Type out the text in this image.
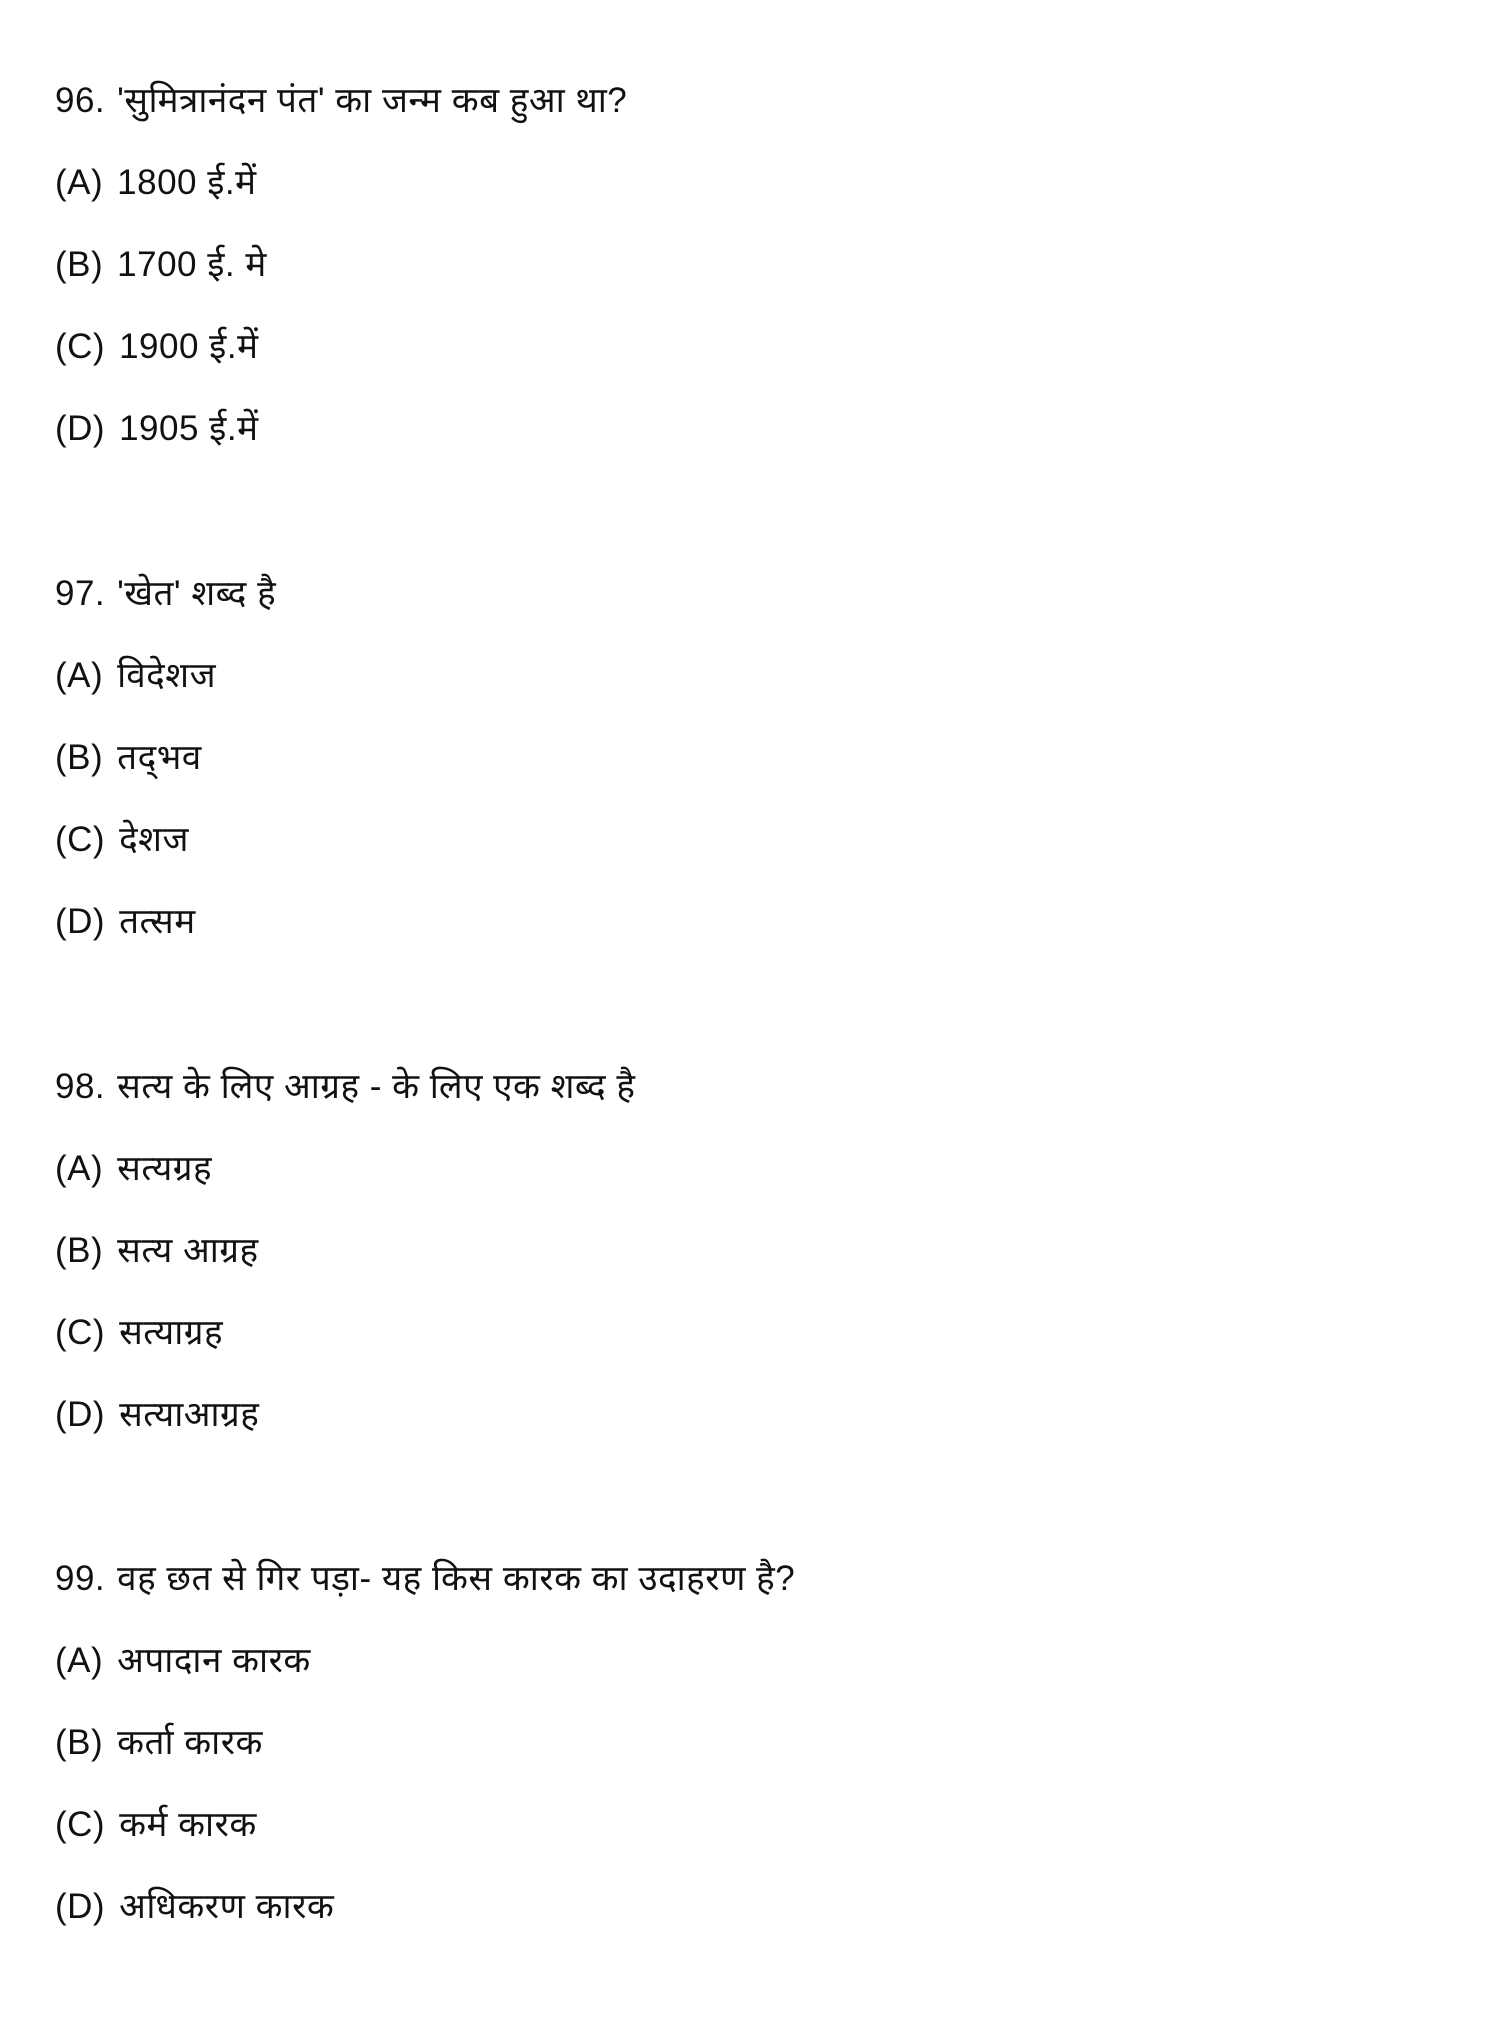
96. 'सुमित्रानंदन पंत' का जन्म कब हुआ था?
(A) 1800 ई.में
(B) 1700 ई. मे
(C) 1900 ई.में
(D) 1905 ई.में
97. 'खेत' शब्द है
(A) विदेशज
(B) तद्‌भव
(C) देशज
(D) तत्सम
98. सत्य के लिए आग्रह - के लिए एक शब्द है
(A) सत्यग्रह
(B) सत्य आग्रह
(C) सत्याग्रह
(D) सत्याआग्रह
99. वह छत से गिर पड़ा- यह किस कारक का उदाहरण है?
(A) अपादान कारक
(B) कर्ता कारक
(C) कर्म कारक
(D) अधिकरण कारक
